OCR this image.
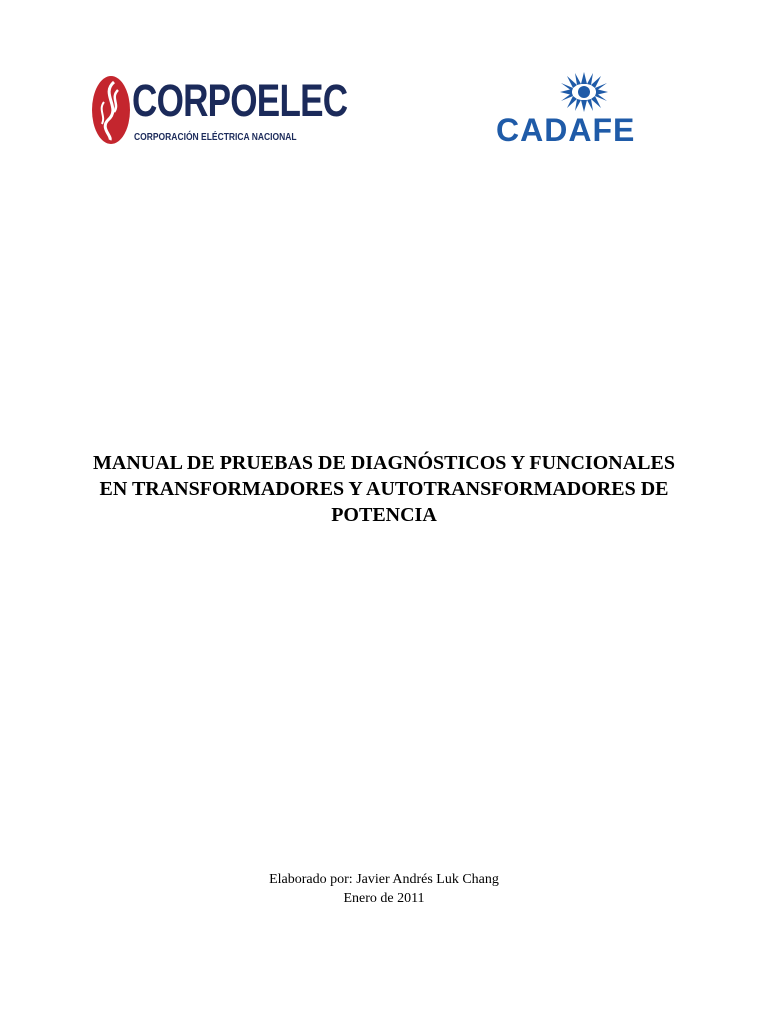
CORPOELEC
CORPORACIÓN ELÉCTRICA NACIONAL	CADAFE
MANUAL DE PRUEBAS DE DIAGNÓSTICOS Y FUNCIONALES
EN TRANSFORMADORES Y AUTOTRANSFORMADORES DE
POTENCIA
Elaborado por: Javier Andrés Luk Chang
Enero de 2011
